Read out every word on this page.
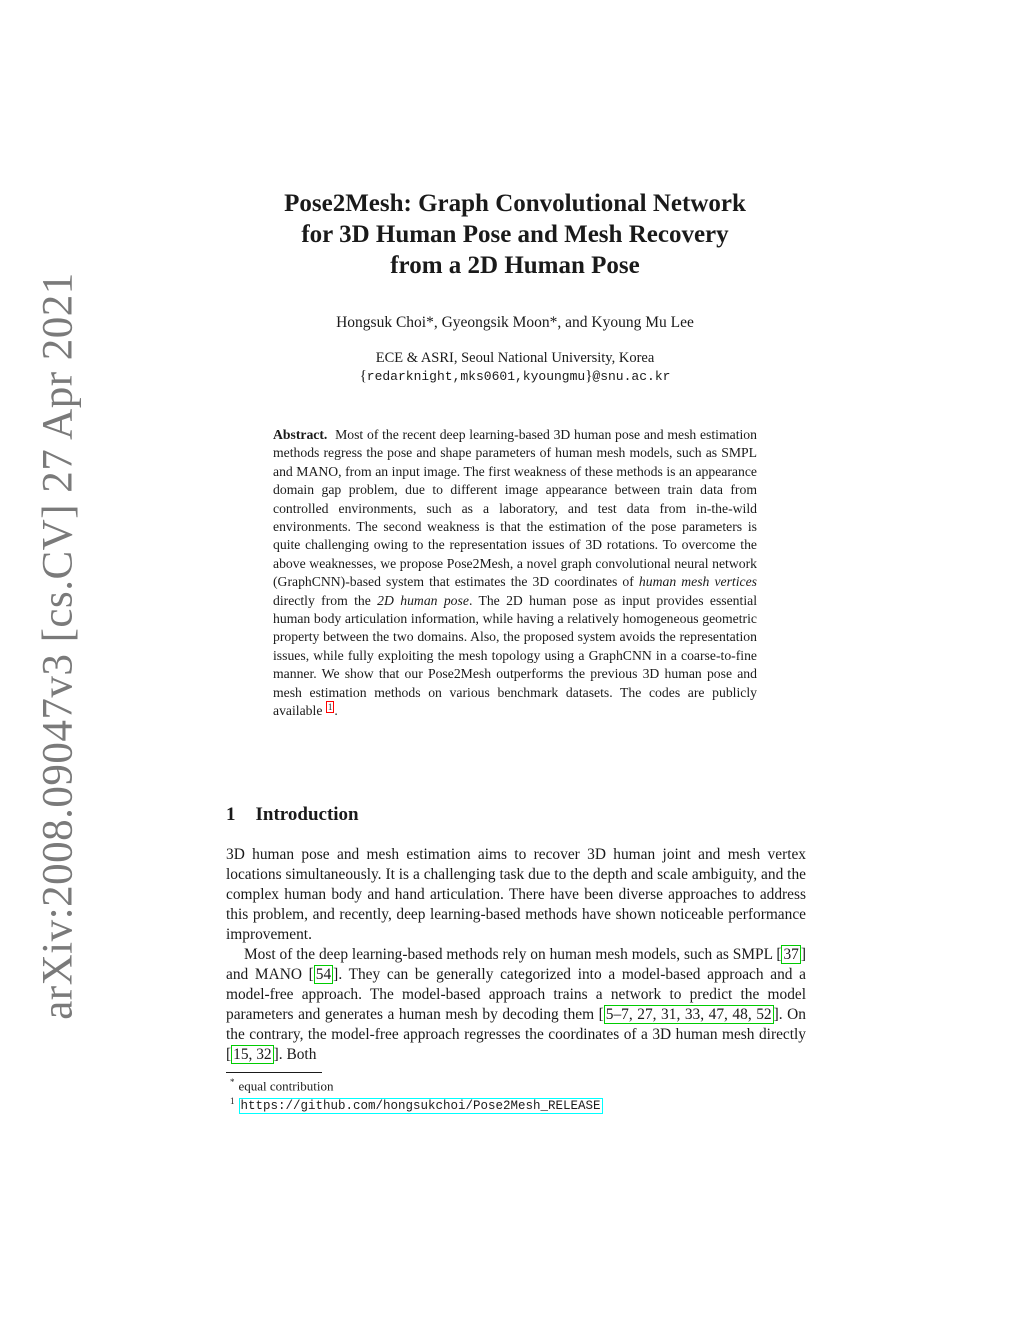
arXiv:2008.09047v3 [cs.CV] 27 Apr 2021
Pose2Mesh: Graph Convolutional Network
for 3D Human Pose and Mesh Recovery
from a 2D Human Pose
Hongsuk Choi*, Gyeongsik Moon*, and Kyoung Mu Lee
ECE & ASRI, Seoul National University, Korea
{redarknight,mks0601,kyoungmu}@snu.ac.kr
Abstract. Most of the recent deep learning-based 3D human pose and mesh estimation methods regress the pose and shape parameters of human mesh models, such as SMPL and MANO, from an input image. The first weakness of these methods is an appearance domain gap problem, due to different image appearance between train data from controlled environments, such as a laboratory, and test data from in-the-wild environments. The second weakness is that the estimation of the pose parameters is quite challenging owing to the representation issues of 3D rotations. To overcome the above weaknesses, we propose Pose2Mesh, a novel graph convolutional neural network (GraphCNN)-based system that estimates the 3D coordinates of human mesh vertices directly from the 2D human pose. The 2D human pose as input provides essential human body articulation information, while having a relatively homogeneous geometric property between the two domains. Also, the proposed system avoids the representation issues, while fully exploiting the mesh topology using a GraphCNN in a coarse-to-fine manner. We show that our Pose2Mesh outperforms the previous 3D human pose and mesh estimation methods on various benchmark datasets. The codes are publicly available $^1$ .
1 Introduction

3D human pose and mesh estimation aims to recover 3D human joint and mesh vertex locations simultaneously. It is a challenging task due to the depth and scale ambiguity, and the complex human body and hand articulation. There have been diverse approaches to address this problem, and recently, deep learning-based methods have shown noticeable performance improvement.

Most of the deep learning-based methods rely on human mesh models, such as SMPL [ 37 ] and MANO [ 54 ]. They can be generally categorized into a model-based approach and a model-free approach. The model-based approach trains a network to predict the model parameters and generates a human mesh by decoding them [ 5–7, 27, 31, 33, 47, 48, 52 ]. On the contrary, the model-free approach regresses the coordinates of a 3D human mesh directly [ 15, 32 ]. Both

* equal contribution
$^1$ https://github.com/hongsukchoi/Pose2Mesh_RELEASE
